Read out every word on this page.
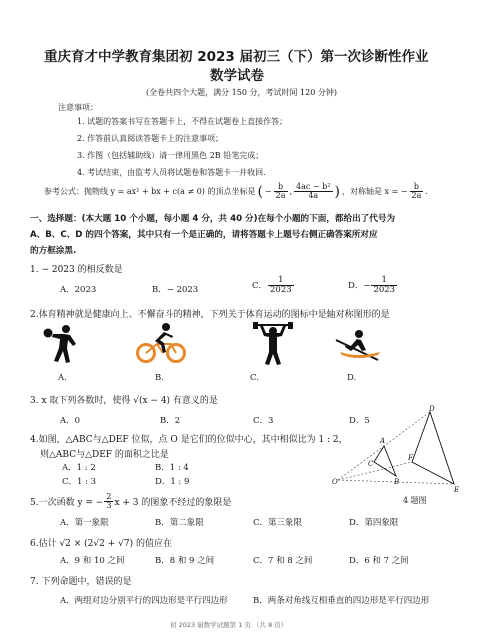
重庆育才中学教育集团初 2023 届初三（下）第一次诊断性作业
数学试卷
(全卷共四个大题，满分 150 分，考试时间 120 分钟)
注意事项：
1. 试题的答案书写在答题卡上，不得在试题卷上直接作答；
2. 作答前认真阅读答题卡上的注意事项；
3. 作图（包括辅助线）请一律用黑色 2B 铅笔完成；
4. 考试结束，由监考人员将试题卷和答题卡一并收回.
参考公式：抛物线 y = ax² + bx + c(a ≠ 0) 的顶点坐标是 ( − $\frac{b}{2a}$ , $\frac{\text{4ac − b²}}{4a}$ ) ，对称轴是 x = − $\frac{b}{2a}$ .
一、选择题：(本大题 10 个小题，每小题 4 分，共 40 分)在每个小题的下面，都给出了代号为
A、B、C、D 的四个答案，其中只有一个是正确的，请将答题卡上题号右侧正确答案所对应
的方框涂黑.
1. − 2023 的相反数是
A．2023	B．− 2023	C． $\frac{1}{2023}$	D．− $\frac{1}{2023}$
2.体育精神就是健康向上、不懈奋斗的精神，下列关于体育运动的图标中是轴对称图形的是
A.	B.	C.	D.
3. x 取下列各数时，使得 √(x − 4) 有意义的是
A．0	B．2	C．3	D．5
4.如图，△ABC与△DEF 位似，点 O 是它们的位似中心，其中相似比为 1 : 2，
则△ABC与△DEF 的面积之比是
A．1 : 2	B．1 : 4
C．1 : 3	D．1 : 9	O
A
B
C
D
E
F
4 题图
5.一次函数 y = − $\frac{2}{3}$ x + 3 的图象不经过的象限是
A．第一象限	B．第二象限	C．第三象限	D．第四象限
6.估计 √2 × (2√2 + √7) 的值应在
A．9 和 10 之间	B．8 和 9 之间	C．7 和 8 之间	D．6 和 7 之间
7. 下列命题中，错误的是
A．两组对边分别平行的四边形是平行四边形	B．两条对角线互相垂直的四边形是平行四边形
初 2023 届数学试题第 1 页 （共 8 页）
